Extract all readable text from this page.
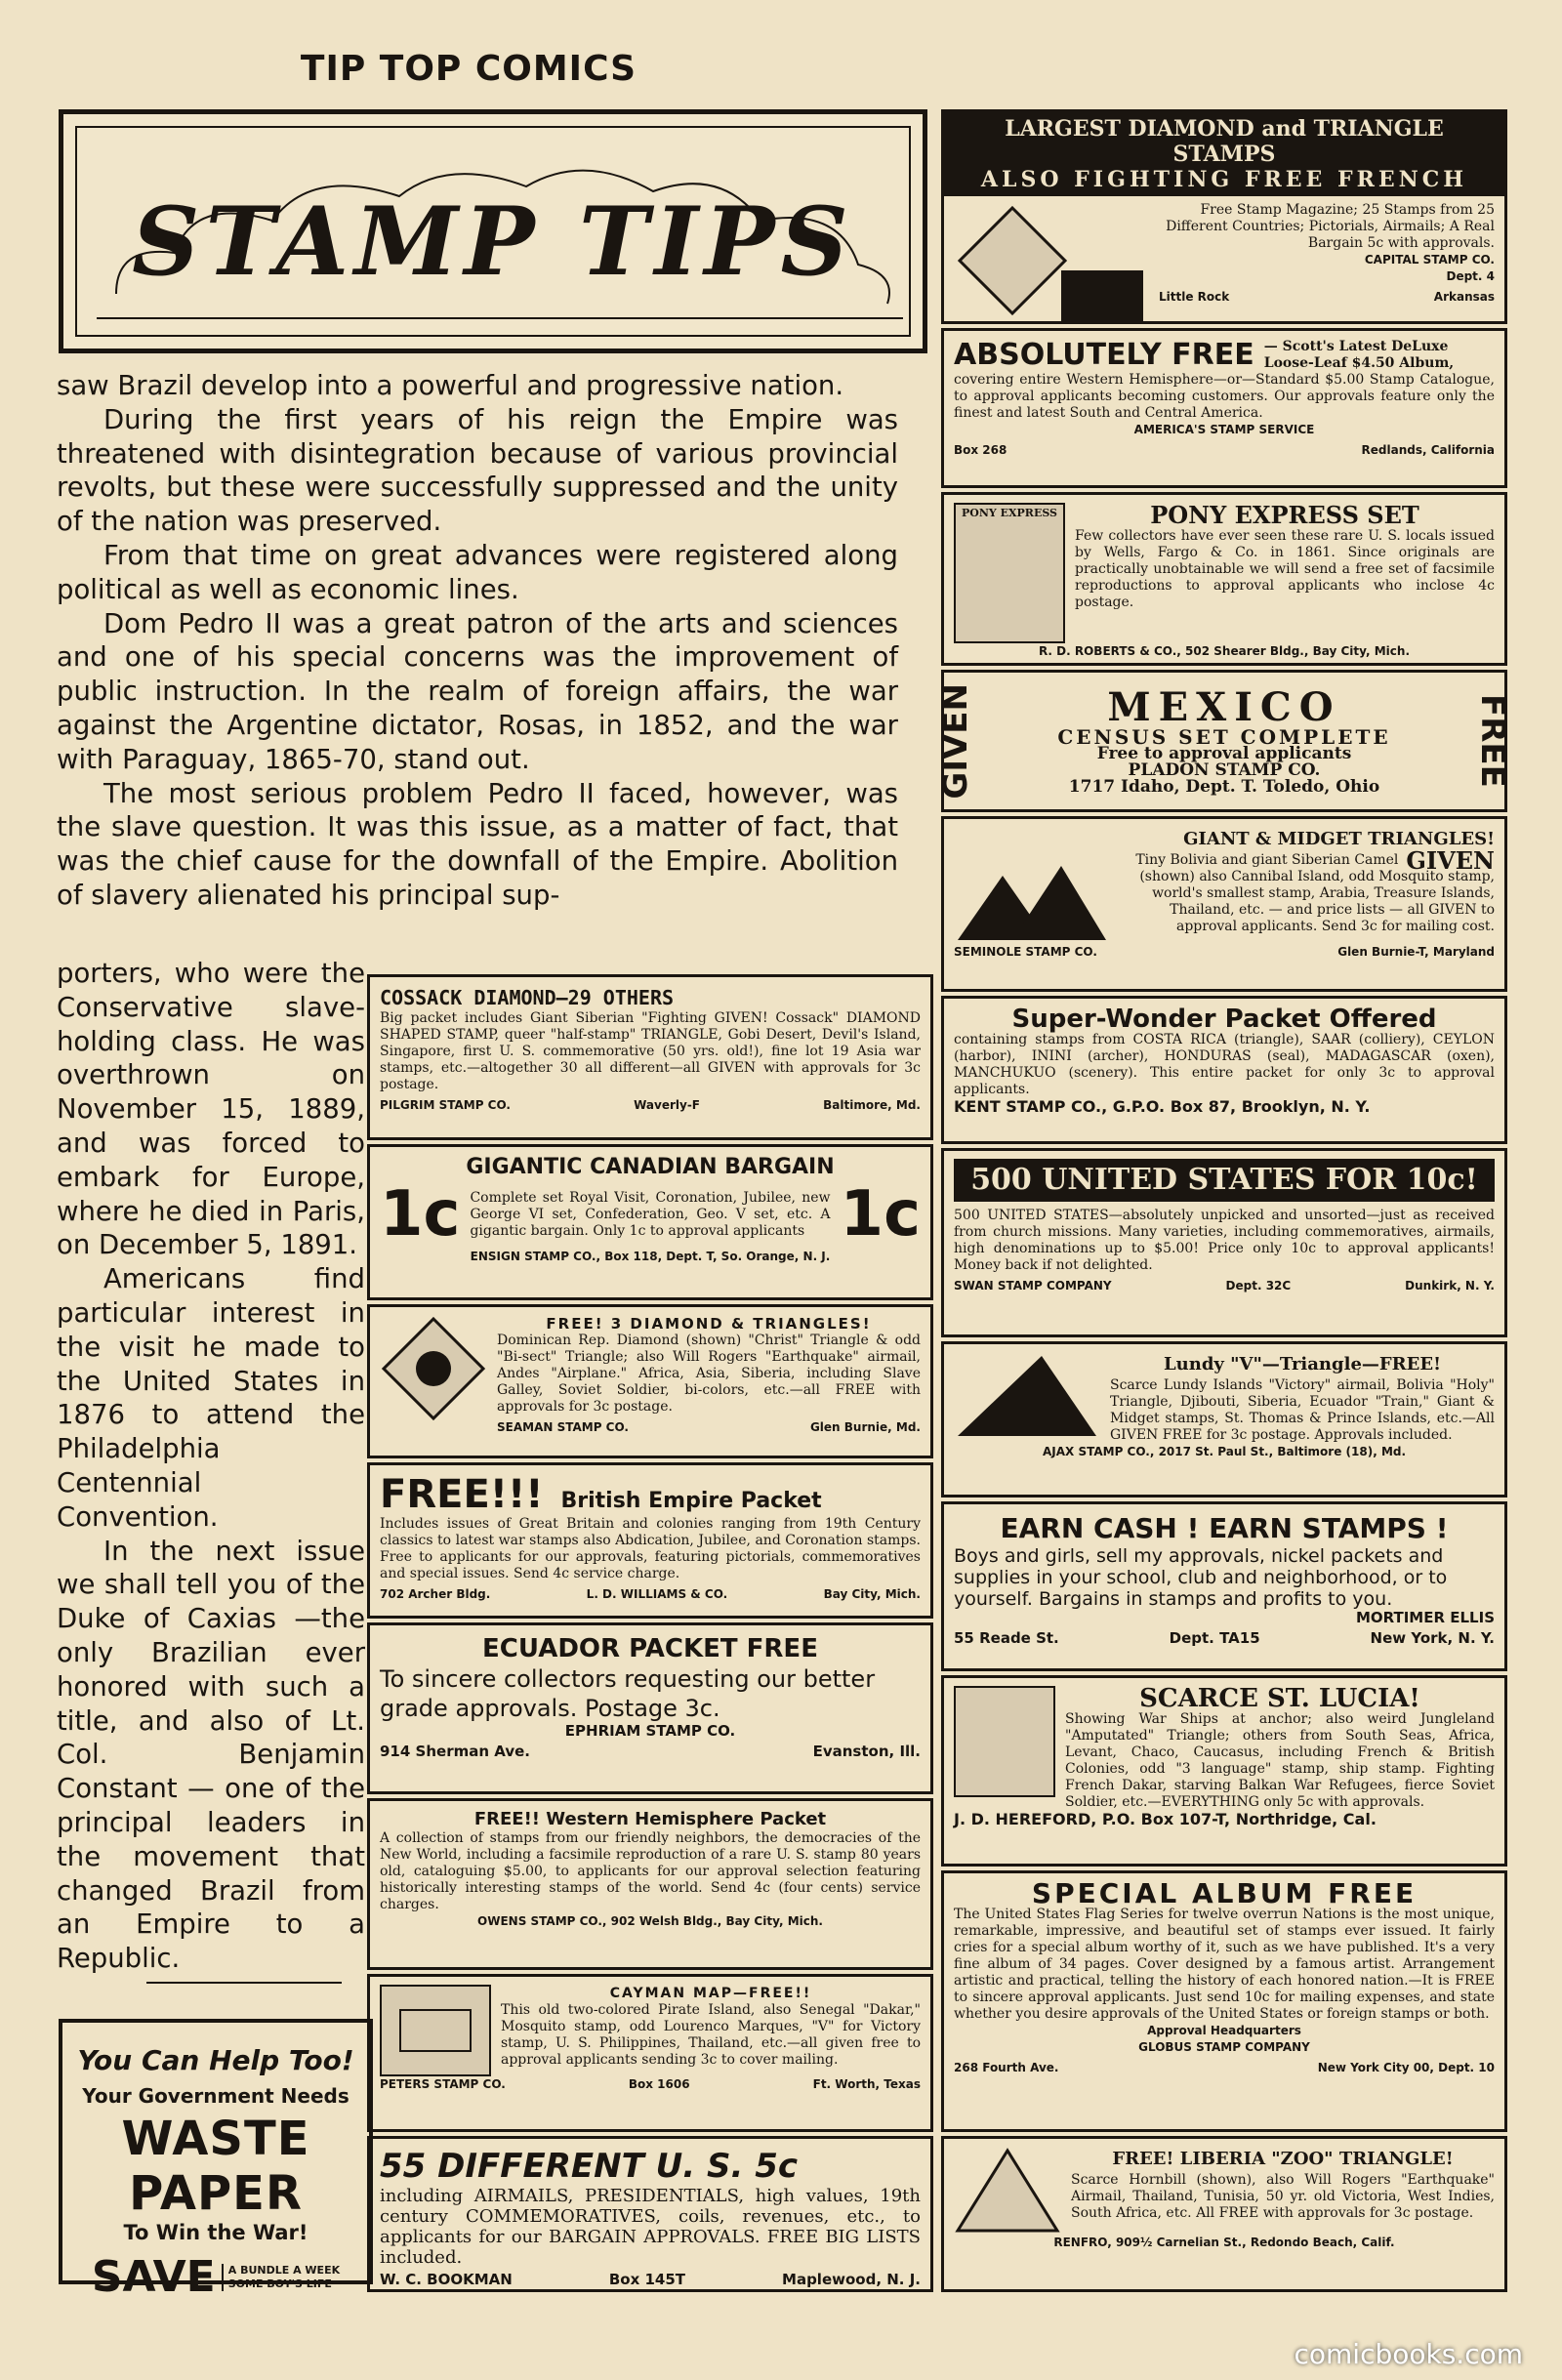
TIP TOP COMICS
STAMP TIPS

saw Brazil develop into a powerful and progressive nation.

During the first years of his reign the Empire was threatened with disintegration because of various provincial revolts, but these were successfully suppressed and the unity of the nation was preserved.

From that time on great advances were registered along political as well as economic lines.

Dom Pedro II was a great patron of the arts and sciences and one of his special concerns was the improvement of public instruction. In the realm of foreign affairs, the war against the Argentine dictator, Rosas, in 1852, and the war with Paraguay, 1865-70, stand out.

The most serious problem Pedro II faced, however, was the slave question. It was this issue, as a matter of fact, that was the chief cause for the downfall of the Empire. Abolition of slavery alienated his principal sup-

porters, who were the Conservative slave-holding class. He was overthrown on November 15, 1889, and was forced to embark for Europe, where he died in Paris, on December 5, 1891.

Americans find particular interest in the visit he made to the United States in 1876 to attend the Philadelphia Centennial Convention.

In the next issue we shall tell you of the Duke of Caxias —the only Brazilian ever honored with such a title, and also of Lt. Col. Benjamin Constant — one of the principal leaders in the movement that changed Brazil from an Empire to a Republic.

You Can Help Too!
Your Government Needs
WASTE PAPER
To Win the War!
SAVE	A BUNDLE A WEEK
SOME BOY'S LIFE
COSSACK DIAMOND—29 OTHERS
Big packet includes Giant Siberian "Fighting GIVEN! Cossack" DIAMOND SHAPED STAMP, queer "half-stamp" TRIANGLE, Gobi Desert, Devil's Island, Singapore, first U. S. commemorative (50 yrs. old!), fine lot 19 Asia war stamps, etc.—altogether 30 all different—all GIVEN with approvals for 3c postage.
PILGRIM STAMP CO.	Waverly-F	Baltimore, Md.
GIGANTIC CANADIAN BARGAIN
1c Complete set Royal Visit, Coronation, Jubilee, new George VI set, Confederation, Geo. V set, etc. A gigantic bargain. Only 1c to approval applicants 1c
ENSIGN STAMP CO., Box 118, Dept. T, So. Orange, N. J.
FREE! 3 DIAMOND & TRIANGLES!
Dominican Rep. Diamond (shown) "Christ" Triangle & odd "Bi-sect" Triangle; also Will Rogers "Earthquake" airmail, Andes "Airplane." Africa, Asia, Siberia, including Slave Galley, Soviet Soldier, bi-colors, etc.—all FREE with approvals for 3c postage.
SEAMAN STAMP CO.	Glen Burnie, Md.
FREE!!! British Empire Packet
Includes issues of Great Britain and colonies ranging from 19th Century classics to latest war stamps also Abdication, Jubilee, and Coronation stamps. Free to applicants for our approvals, featuring pictorials, commemoratives and special issues. Send 4c service charge.
702 Archer Bldg.	L. D. WILLIAMS & CO.	Bay City, Mich.
ECUADOR PACKET FREE
To sincere collectors requesting our better grade approvals. Postage 3c.
EPHRIAM STAMP CO.
914 Sherman Ave.	Evanston, Ill.
FREE!! Western Hemisphere Packet
A collection of stamps from our friendly neighbors, the democracies of the New World, including a facsimile reproduction of a rare U. S. stamp 80 years old, cataloguing $5.00, to applicants for our approval selection featuring historically interesting stamps of the world. Send 4c (four cents) service charges.
OWENS STAMP CO., 902 Welsh Bldg., Bay City, Mich.
CAYMAN MAP—FREE!!
This old two-colored Pirate Island, also Senegal "Dakar," Mosquito stamp, odd Lourenco Marques, "V" for Victory stamp, U. S. Philippines, Thailand, etc.—all given free to approval applicants sending 3c to cover mailing.
PETERS STAMP CO.	Box 1606	Ft. Worth, Texas
55 DIFFERENT U. S. 5c
including AIRMAILS, PRESIDENTIALS, high values, 19th century COMMEMORATIVES, coils, revenues, etc., to applicants for our BARGAIN APPROVALS. FREE BIG LISTS included.
W. C. BOOKMAN	Box 145T	Maplewood, N. J.
LARGEST DIAMOND and TRIANGLE STAMPS
ALSO FIGHTING FREE FRENCH
Free Stamp Magazine; 25 Stamps from 25 Different Countries; Pictorials, Airmails; A Real Bargain 5c with approvals.
CAPITAL STAMP CO.
Dept. 4
Little Rock	Arkansas
ABSOLUTELY FREE — Scott's Latest DeLuxe Loose-Leaf $4.50 Album,
covering entire Western Hemisphere—or—Standard $5.00 Stamp Catalogue, to approval applicants becoming customers. Our approvals feature only the finest and latest South and Central America.
AMERICA'S STAMP SERVICE
Box 268	Redlands, California
PONY EXPRESS	PONY EXPRESS SET
Few collectors have ever seen these rare U. S. locals issued by Wells, Fargo & Co. in 1861. Since originals are practically unobtainable we will send a free set of facsimile reproductions to approval applicants who inclose 4c postage.
R. D. ROBERTS & CO., 502 Shearer Bldg., Bay City, Mich.
GIVEN	MEXICO
CENSUS SET COMPLETE
Free to approval applicants
PLADON STAMP CO.
1717 Idaho, Dept. T. Toledo, Ohio	FREE
GIANT & MIDGET TRIANGLES!
GIVEN
Tiny Bolivia and giant Siberian Camel (shown) also Cannibal Island, odd Mosquito stamp, world's smallest stamp, Arabia, Treasure Islands, Thailand, etc. — and price lists — all GIVEN to approval applicants. Send 3c for mailing cost.
SEMINOLE STAMP CO.	Glen Burnie-T, Maryland
Super-Wonder Packet Offered
containing stamps from COSTA RICA (triangle), SAAR (colliery), CEYLON (harbor), ININI (archer), HONDURAS (seal), MADAGASCAR (oxen), MANCHUKUO (scenery). This entire packet for only 3c to approval applicants.
KENT STAMP CO., G.P.O. Box 87, Brooklyn, N. Y.
500 UNITED STATES FOR 10c!
500 UNITED STATES—absolutely unpicked and unsorted—just as received from church missions. Many varieties, including commemoratives, airmails, high denominations up to $5.00! Price only 10c to approval applicants! Money back if not delighted.
SWAN STAMP COMPANY	Dept. 32C	Dunkirk, N. Y.
Lundy "V"—Triangle—FREE!
Scarce Lundy Islands "Victory" airmail, Bolivia "Holy" Triangle, Djibouti, Siberia, Ecuador "Train," Giant & Midget stamps, St. Thomas & Prince Islands, etc.—All GIVEN FREE for 3c postage. Approvals included.
AJAX STAMP CO., 2017 St. Paul St., Baltimore (18), Md.
EARN CASH ! EARN STAMPS !
Boys and girls, sell my approvals, nickel packets and supplies in your school, club and neighborhood, or to yourself. Bargains in stamps and profits to you.
MORTIMER ELLIS
55 Reade St.	Dept. TA15	New York, N. Y.
SCARCE ST. LUCIA!
Showing War Ships at anchor; also weird Jungleland "Amputated" Triangle; others from South Seas, Africa, Levant, Chaco, Caucasus, including French & British Colonies, odd "3 language" stamp, ship stamp. Fighting French Dakar, starving Balkan War Refugees, fierce Soviet Soldier, etc.—EVERYTHING only 5c with approvals.
J. D. HEREFORD, P.O. Box 107-T, Northridge, Cal.
SPECIAL ALBUM FREE
The United States Flag Series for twelve overrun Nations is the most unique, remarkable, impressive, and beautiful set of stamps ever issued. It fairly cries for a special album worthy of it, such as we have published. It's a very fine album of 34 pages. Cover designed by a famous artist. Arrangement artistic and practical, telling the history of each honored nation.—It is FREE to sincere approval applicants. Just send 10c for mailing expenses, and state whether you desire approvals of the United States or foreign stamps or both.
Approval Headquarters
GLOBUS STAMP COMPANY
268 Fourth Ave.	New York City 00, Dept. 10
FREE! LIBERIA "ZOO" TRIANGLE!
Scarce Hornbill (shown), also Will Rogers "Earthquake" Airmail, Thailand, Tunisia, 50 yr. old Victoria, West Indies, South Africa, etc. All FREE with approvals for 3c postage.
RENFRO, 909½ Carnelian St., Redondo Beach, Calif.
comicbooks.com
